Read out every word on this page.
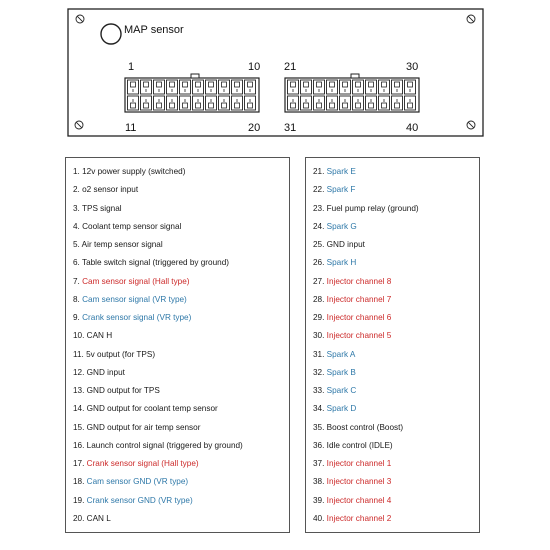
MAP sensor
1	10
11	20
21	30
31	40
1. 12v power supply (switched)
2. o2 sensor input
3. TPS signal
4. Coolant temp sensor signal
5. Air temp sensor signal
6. Table switch signal (triggered by ground)
7. Cam sensor signal (Hall type)
8. Cam sensor signal (VR type)
9. Crank sensor signal (VR type)
10. CAN H
11. 5v output (for TPS)
12. GND input
13. GND output for TPS
14. GND output for coolant temp sensor
15. GND output for air temp sensor
16. Launch control signal (triggered by ground)
17. Crank sensor signal (Hall type)
18. Cam sensor GND (VR type)
19. Crank sensor GND (VR type)
20. CAN L
21. Spark E
22. Spark F
23. Fuel pump relay (ground)
24. Spark G
25. GND input
26. Spark H
27. Injector channel 8
28. Injector channel 7
29. Injector channel 6
30. Injector channel 5
31. Spark A
32. Spark B
33. Spark C
34. Spark D
35. Boost control (Boost)
36. Idle control (IDLE)
37. Injector channel 1
38. Injector channel 3
39. Injector channel 4
40. Injector channel 2
